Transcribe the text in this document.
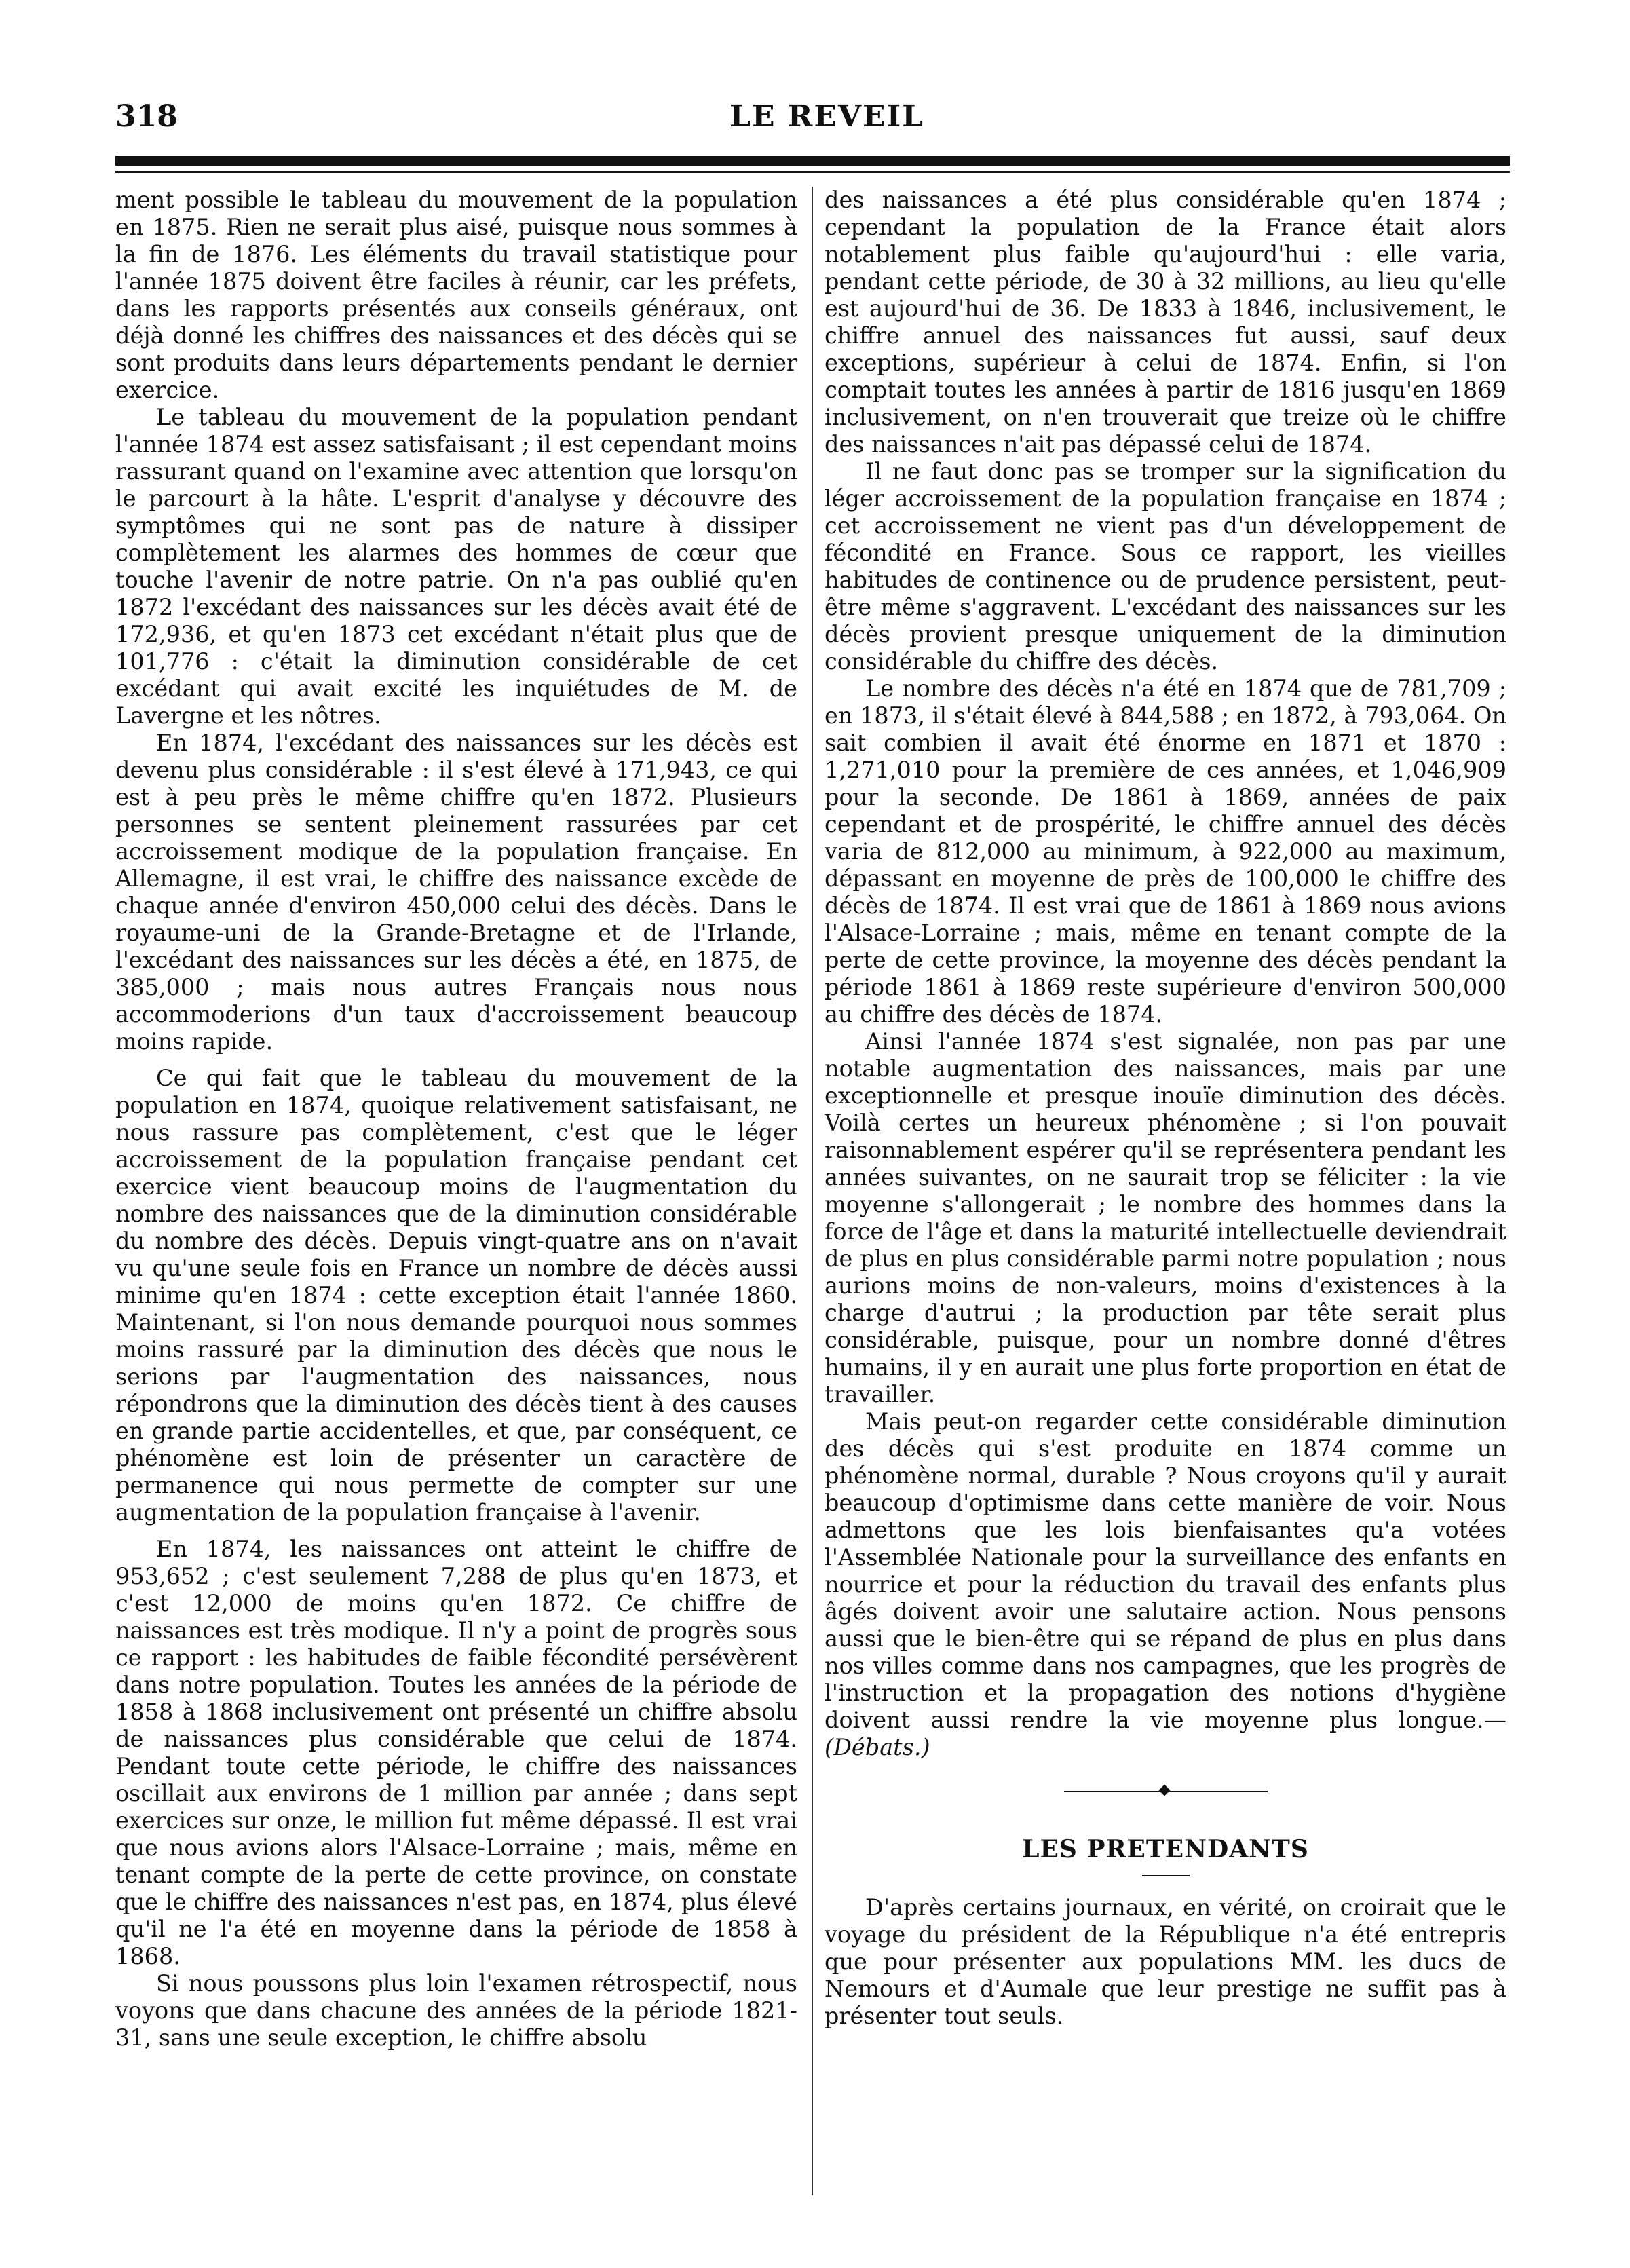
318	LE REVEIL

ment possible le tableau du mouvement de la population en 1875. Rien ne serait plus aisé, puisque nous sommes à la fin de 1876. Les éléments du travail statistique pour l'année 1875 doivent être faciles à réunir, car les préfets, dans les rapports présentés aux conseils généraux, ont déjà donné les chiffres des naissances et des décès qui se sont produits dans leurs départements pendant le dernier exercice.

Le tableau du mouvement de la population pendant l'année 1874 est assez satisfaisant ; il est cependant moins rassurant quand on l'examine avec attention que lorsqu'on le parcourt à la hâte. L'esprit d'analyse y découvre des symptômes qui ne sont pas de nature à dissiper complètement les alarmes des hommes de cœur que touche l'avenir de notre patrie. On n'a pas oublié qu'en 1872 l'excédant des naissances sur les décès avait été de 172,936, et qu'en 1873 cet excédant n'était plus que de 101,776 : c'était la diminution considérable de cet excédant qui avait excité les inquiétudes de M. de Lavergne et les nôtres.

En 1874, l'excédant des naissances sur les décès est devenu plus considérable : il s'est élevé à 171,943, ce qui est à peu près le même chiffre qu'en 1872. Plusieurs personnes se sentent pleinement rassurées par cet accroissement modique de la population française. En Allemagne, il est vrai, le chiffre des naissance excède de chaque année d'environ 450,000 celui des décès. Dans le royaume-uni de la Grande-Bretagne et de l'Irlande, l'excédant des naissances sur les décès a été, en 1875, de 385,000 ; mais nous autres Français nous nous accommoderions d'un taux d'accroissement beaucoup moins rapide.

Ce qui fait que le tableau du mouvement de la population en 1874, quoique relativement satisfaisant, ne nous rassure pas complètement, c'est que le léger accroissement de la population française pendant cet exercice vient beaucoup moins de l'augmentation du nombre des naissances que de la diminution considérable du nombre des décès. Depuis vingt-quatre ans on n'avait vu qu'une seule fois en France un nombre de décès aussi minime qu'en 1874 : cette exception était l'année 1860. Maintenant, si l'on nous demande pourquoi nous sommes moins rassuré par la diminution des décès que nous le serions par l'augmentation des naissances, nous répondrons que la diminution des décès tient à des causes en grande partie accidentelles, et que, par conséquent, ce phénomène est loin de présenter un caractère de permanence qui nous permette de compter sur une augmentation de la population française à l'avenir.

En 1874, les naissances ont atteint le chiffre de 953,652 ; c'est seulement 7,288 de plus qu'en 1873, et c'est 12,000 de moins qu'en 1872. Ce chiffre de naissances est très modique. Il n'y a point de progrès sous ce rapport : les habitudes de faible fécondité persévèrent dans notre population. Toutes les années de la période de 1858 à 1868 inclusivement ont présenté un chiffre absolu de naissances plus considérable que celui de 1874. Pendant toute cette période, le chiffre des naissances oscillait aux environs de 1 million par année ; dans sept exercices sur onze, le million fut même dépassé. Il est vrai que nous avions alors l'Alsace-Lorraine ; mais, même en tenant compte de la perte de cette province, on constate que le chiffre des naissances n'est pas, en 1874, plus élevé qu'il ne l'a été en moyenne dans la période de 1858 à 1868.

Si nous poussons plus loin l'examen rétrospectif, nous voyons que dans chacune des années de la période 1821-31, sans une seule exception, le chiffre absolu

des naissances a été plus considérable qu'en 1874 ; cependant la population de la France était alors notablement plus faible qu'aujourd'hui : elle varia, pendant cette période, de 30 à 32 millions, au lieu qu'elle est aujourd'hui de 36. De 1833 à 1846, inclusivement, le chiffre annuel des naissances fut aussi, sauf deux exceptions, supérieur à celui de 1874. Enfin, si l'on comptait toutes les années à partir de 1816 jusqu'en 1869 inclusivement, on n'en trouverait que treize où le chiffre des naissances n'ait pas dépassé celui de 1874.

Il ne faut donc pas se tromper sur la signification du léger accroissement de la population française en 1874 ; cet accroissement ne vient pas d'un développement de fécondité en France. Sous ce rapport, les vieilles habitudes de continence ou de prudence persistent, peut-être même s'aggravent. L'excédant des naissances sur les décès provient presque uniquement de la diminution considérable du chiffre des décès.

Le nombre des décès n'a été en 1874 que de 781,709 ; en 1873, il s'était élevé à 844,588 ; en 1872, à 793,064. On sait combien il avait été énorme en 1871 et 1870 : 1,271,010 pour la première de ces années, et 1,046,909 pour la seconde. De 1861 à 1869, années de paix cependant et de prospérité, le chiffre annuel des décès varia de 812,000 au minimum, à 922,000 au maximum, dépassant en moyenne de près de 100,000 le chiffre des décès de 1874. Il est vrai que de 1861 à 1869 nous avions l'Alsace-Lorraine ; mais, même en tenant compte de la perte de cette province, la moyenne des décès pendant la période 1861 à 1869 reste supérieure d'environ 500,000 au chiffre des décès de 1874.

Ainsi l'année 1874 s'est signalée, non pas par une notable augmentation des naissances, mais par une exceptionnelle et presque inouïe diminution des décès. Voilà certes un heureux phénomène ; si l'on pouvait raisonnablement espérer qu'il se représentera pendant les années suivantes, on ne saurait trop se féliciter : la vie moyenne s'allongerait ; le nombre des hommes dans la force de l'âge et dans la maturité intellectuelle deviendrait de plus en plus considérable parmi notre population ; nous aurions moins de non-valeurs, moins d'existences à la charge d'autrui ; la production par tête serait plus considérable, puisque, pour un nombre donné d'êtres humains, il y en aurait une plus forte proportion en état de travailler.

Mais peut-on regarder cette considérable diminution des décès qui s'est produite en 1874 comme un phénomène normal, durable ? Nous croyons qu'il y aurait beaucoup d'optimisme dans cette manière de voir. Nous admettons que les lois bienfaisantes qu'a votées l'Assemblée Nationale pour la surveillance des enfants en nourrice et pour la réduction du travail des enfants plus âgés doivent avoir une salutaire action. Nous pensons aussi que le bien-être qui se répand de plus en plus dans nos villes comme dans nos campagnes, que les progrès de l'instruction et la propagation des notions d'hygiène doivent aussi rendre la vie moyenne plus longue.—(Débats.)

LES PRETENDANTS

D'après certains journaux, en vérité, on croirait que le voyage du président de la République n'a été entrepris que pour présenter aux populations MM. les ducs de Nemours et d'Aumale que leur prestige ne suffit pas à présenter tout seuls.
